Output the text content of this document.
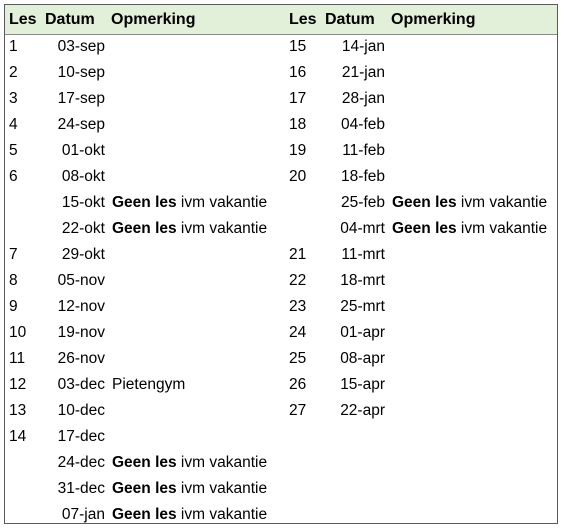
Les Datum Opmerking
1	03-sep
2	10-sep
3	17-sep
4	24-sep
5	01-okt
6	08-okt
15-okt Geen les ivm vakantie
22-okt Geen les ivm vakantie
7	29-okt
8	05-nov
9	12-nov
10	19-nov
11	26-nov
12	03-dec Pietengym
13	10-dec
14	17-dec
24-dec Geen les ivm vakantie
31-dec Geen les ivm vakantie
07-jan Geen les ivm vakantie
Les Datum Opmerking
15	14-jan
16	21-jan
17	28-jan
18	04-feb
19	11-feb
20	18-feb
25-feb Geen les ivm vakantie
04-mrt Geen les ivm vakantie
21	11-mrt
22	18-mrt
23	25-mrt
24	01-apr
25	08-apr
26	15-apr
27	22-apr
